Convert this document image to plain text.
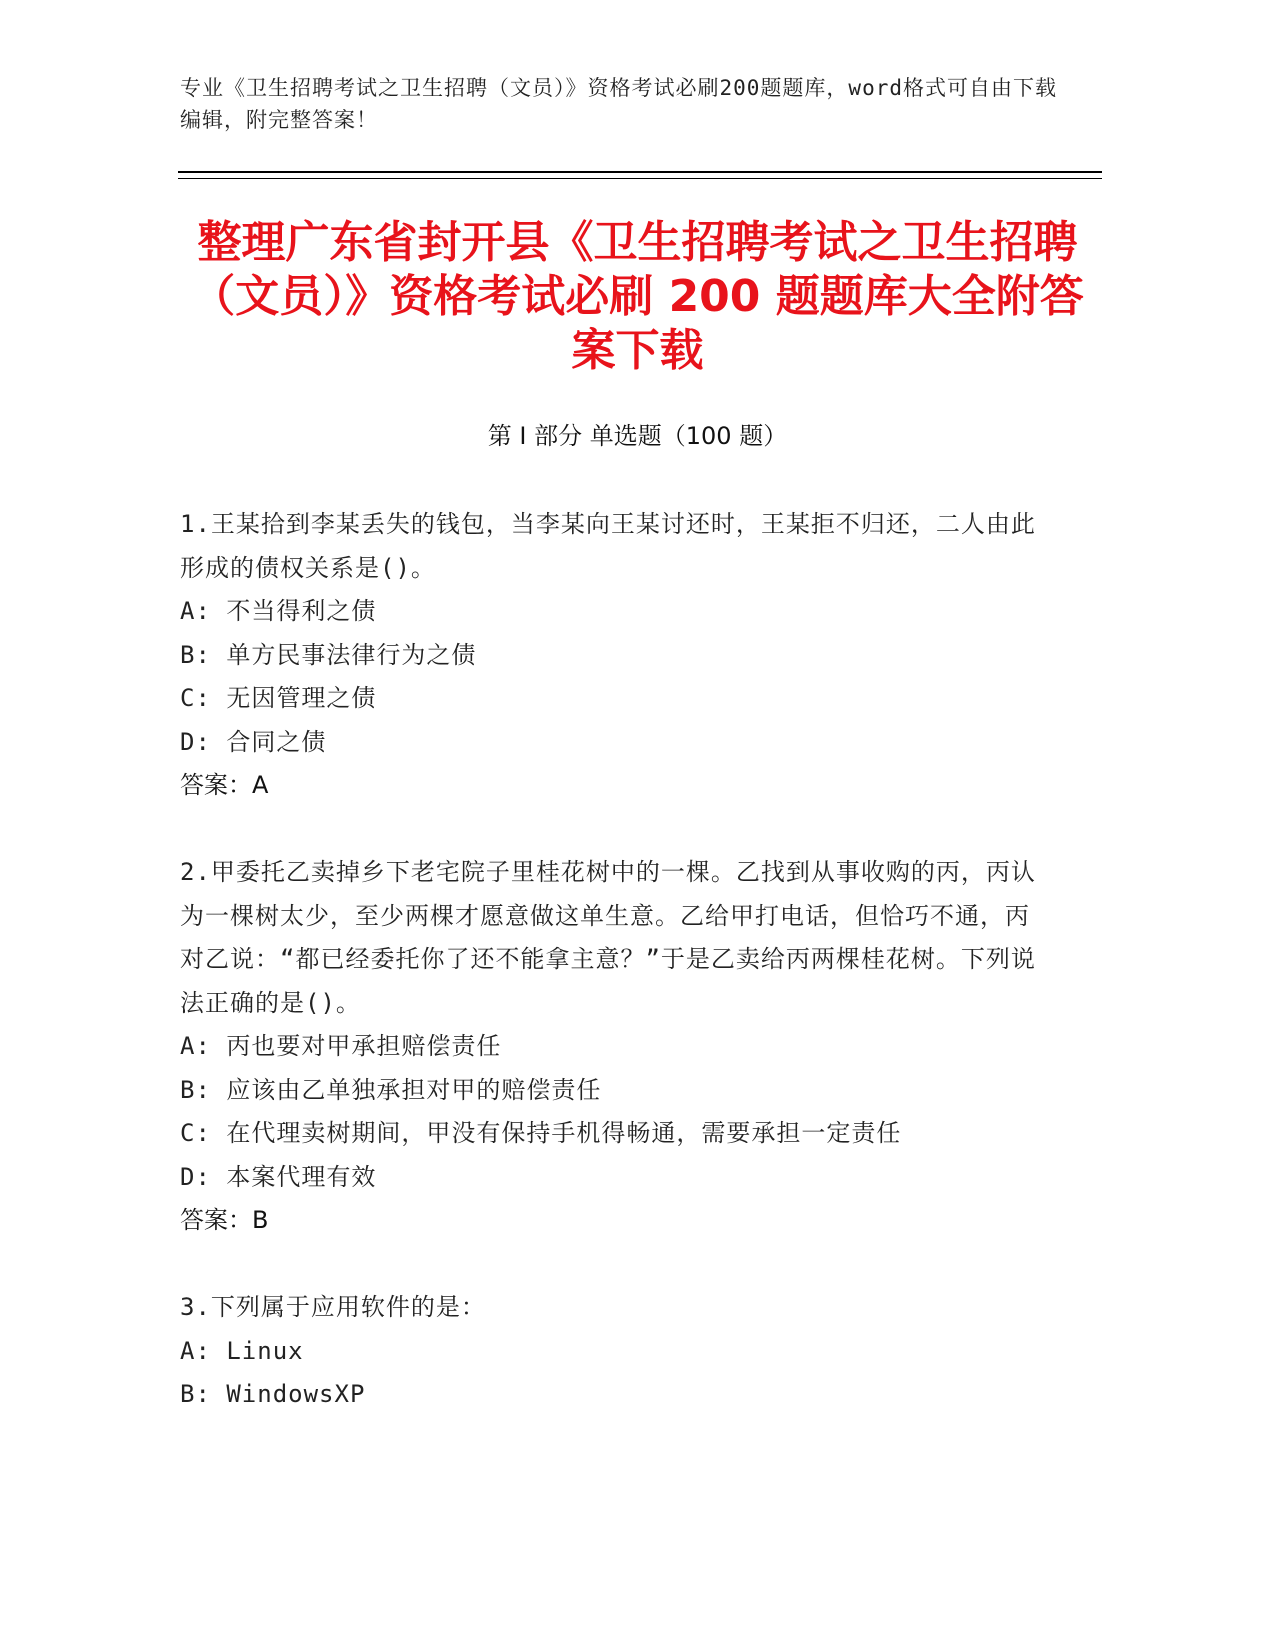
专业《卫生招聘考试之卫生招聘（文员）》资格考试必刷200题题库，word格式可自由下载编辑，附完整答案！
整理广东省封开县《卫生招聘考试之卫生招聘（文员）》资格考试必刷 200 题题库大全附答案下载
第 I 部分 单选题（100 题）

1.王某拾到李某丢失的钱包，当李某向王某讨还时，王某拒不归还，二人由此形成的债权关系是()。

A: 不当得利之债
B: 单方民事法律行为之债
C: 无因管理之债
D: 合同之债
答案：A

2.甲委托乙卖掉乡下老宅院子里桂花树中的一棵。乙找到从事收购的丙，丙认为一棵树太少，至少两棵才愿意做这单生意。乙给甲打电话，但恰巧不通，丙对乙说：“都已经委托你了还不能拿主意？”于是乙卖给丙两棵桂花树。下列说法正确的是()。

A: 丙也要对甲承担赔偿责任
B: 应该由乙单独承担对甲的赔偿责任
C: 在代理卖树期间，甲没有保持手机得畅通，需要承担一定责任
D: 本案代理有效
答案：B

3.下列属于应用软件的是：

A: Linux
B: WindowsXP
